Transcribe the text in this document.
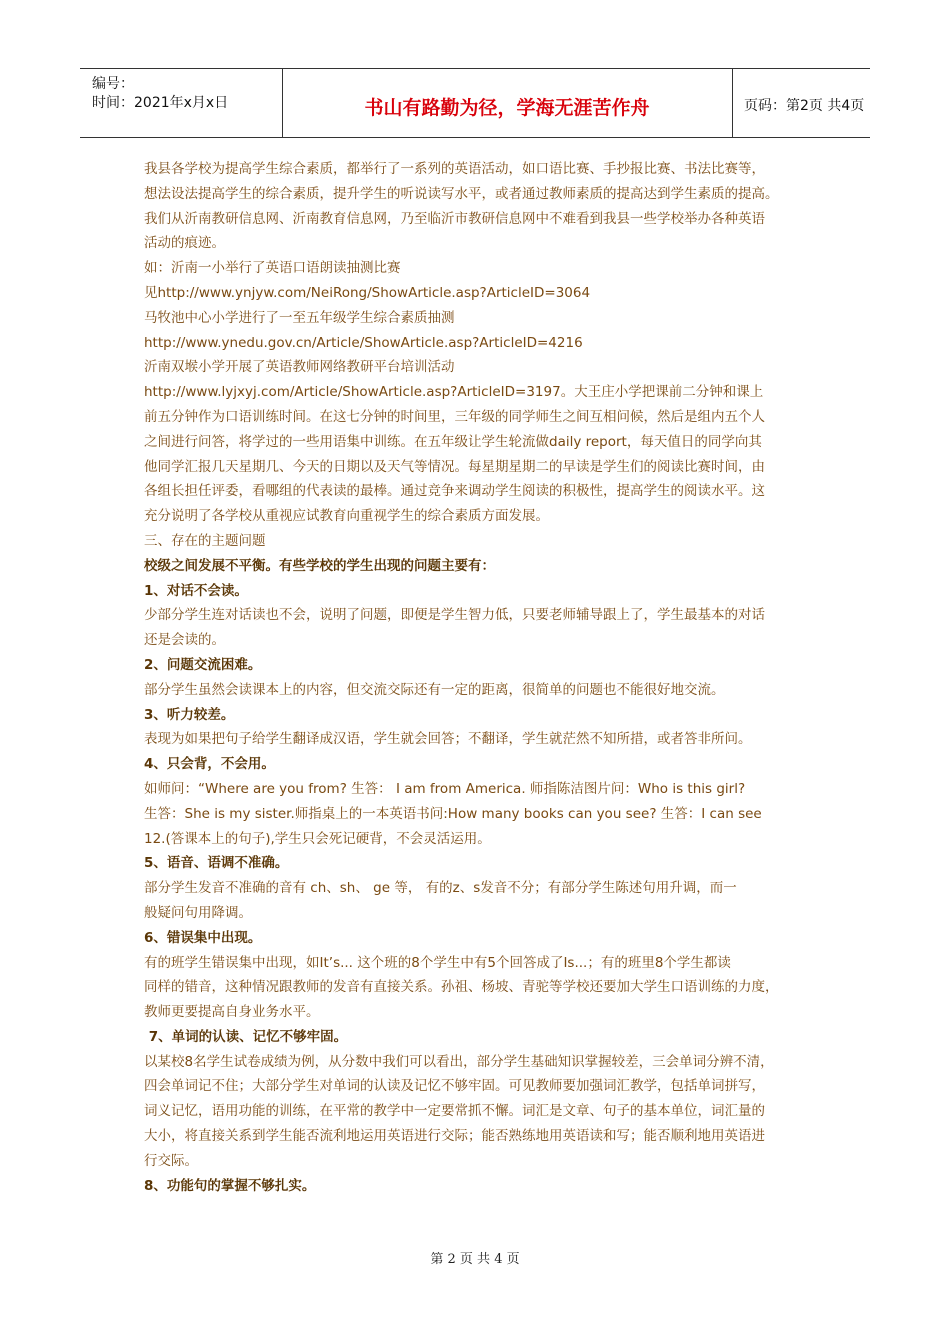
编号：
时间：2021年x月x日	书山有路勤为径，学海无涯苦作舟	页码：第2页 共4页
我县各学校为提高学生综合素质，都举行了一系列的英语活动，如口语比赛、手抄报比赛、书法比赛等，
想法设法提高学生的综合素质，提升学生的听说读写水平，或者通过教师素质的提高达到学生素质的提高。
我们从沂南教研信息网、沂南教育信息网，乃至临沂市教研信息网中不难看到我县一些学校举办各种英语
活动的痕迹。
如：沂南一小举行了英语口语朗读抽测比赛
见http://www.ynjyw.com/NeiRong/ShowArticle.asp?ArticleID=3064
马牧池中心小学进行了一至五年级学生综合素质抽测
http://www.ynedu.gov.cn/Article/ShowArticle.asp?ArticleID=4216
沂南双堠小学开展了英语教师网络教研平台培训活动
http://www.lyjxyj.com/Article/ShowArticle.asp?ArticleID=3197。大王庄小学把课前二分钟和课上
前五分钟作为口语训练时间。在这七分钟的时间里，三年级的同学师生之间互相问候，然后是组内五个人
之间进行问答，将学过的一些用语集中训练。在五年级让学生轮流做daily report，每天值日的同学向其
他同学汇报几天星期几、今天的日期以及天气等情况。每星期星期二的早读是学生们的阅读比赛时间，由
各组长担任评委，看哪组的代表读的最棒。通过竞争来调动学生阅读的积极性，提高学生的阅读水平。这
充分说明了各学校从重视应试教育向重视学生的综合素质方面发展。
三、存在的主题问题
校级之间发展不平衡。有些学校的学生出现的问题主要有：
1、对话不会读。
少部分学生连对话读也不会，说明了问题，即便是学生智力低，只要老师辅导跟上了，学生最基本的对话
还是会读的。
2、问题交流困难。
部分学生虽然会读课本上的内容，但交流交际还有一定的距离，很简单的问题也不能很好地交流。
3、听力较差。
表现为如果把句子给学生翻译成汉语，学生就会回答；不翻译，学生就茫然不知所措，或者答非所问。
4、只会背，不会用。
如师问：“Where are you from? 生答： I am from America. 师指陈洁图片问：Who is this girl?
生答：She is my sister.师指桌上的一本英语书问:How many books can you see? 生答：I can see
12.(答课本上的句子),学生只会死记硬背，不会灵活运用。
5、语音、语调不准确。
部分学生发音不准确的音有 ch、sh、 ge 等， 有的z、s发音不分；有部分学生陈述句用升调，而一
般疑问句用降调。
6、错误集中出现。
有的班学生错误集中出现，如It’s... 这个班的8个学生中有5个回答成了Is...；有的班里8个学生都读
同样的错音，这种情况跟教师的发音有直接关系。孙祖、杨坡、青驼等学校还要加大学生口语训练的力度，
教师更要提高自身业务水平。
7、单词的认读、记忆不够牢固。
以某校8名学生试卷成绩为例，从分数中我们可以看出，部分学生基础知识掌握较差，三会单词分辨不清，
四会单词记不住；大部分学生对单词的认读及记忆不够牢固。可见教师要加强词汇教学，包括单词拼写，
词义记忆，语用功能的训练，在平常的教学中一定要常抓不懈。词汇是文章、句子的基本单位，词汇量的
大小，将直接关系到学生能否流利地运用英语进行交际；能否熟练地用英语读和写；能否顺利地用英语进
行交际。
8、功能句的掌握不够扎实。
第 2 页 共 4 页
